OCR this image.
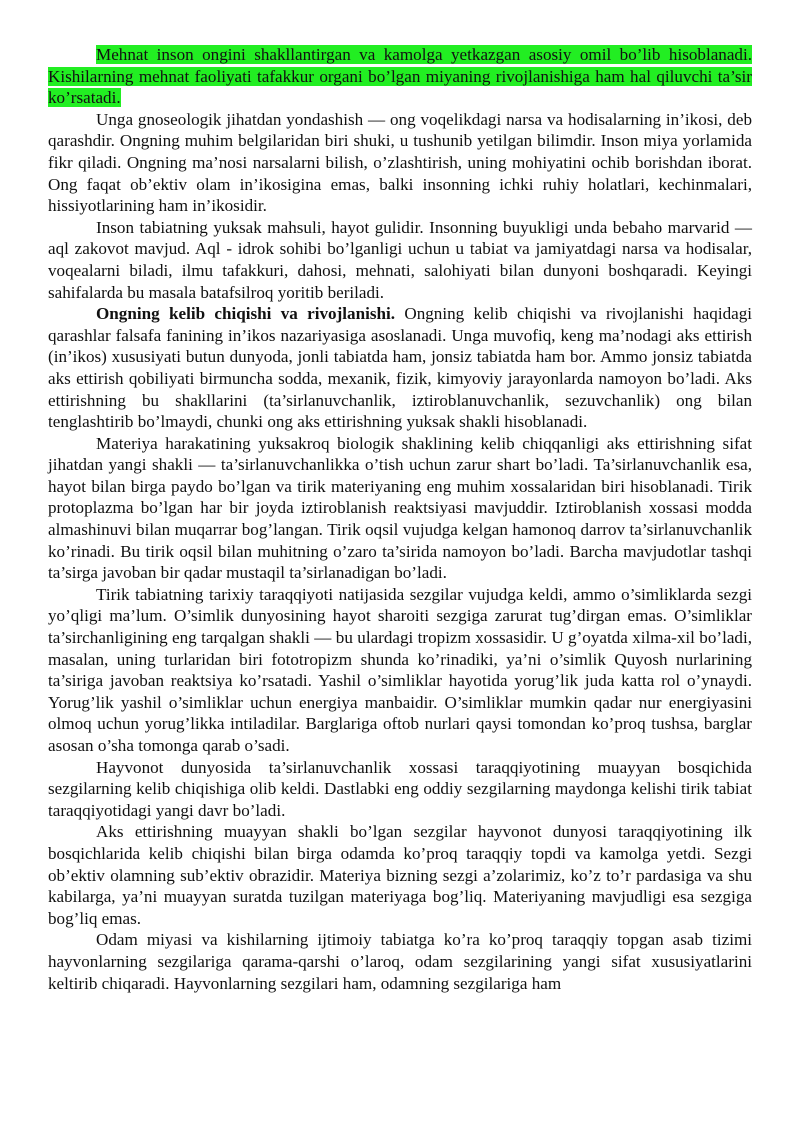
Mehnat inson ongini shakllantirgan va kamolga yetkazgan asosiy omil bo’lib hisoblanadi. Kishilarning mehnat faoliyati tafakkur organi bo’lgan miyaning rivojlanishiga ham hal qiluvchi ta’sir ko’rsatadi.

Unga gnoseologik jihatdan yondashish — ong voqelikdagi narsa va hodisalarning in’ikosi, deb qarashdir. Ongning muhim belgilaridan biri shuki, u tushunib yetilgan bilimdir. Inson miya yorlamida fikr qiladi. Ongning ma’nosi narsalarni bilish, o’zlashtirish, uning mohiyatini ochib borishdan iborat. Ong faqat ob’ektiv olam in’ikosigina emas, balki insonning ichki ruhiy holatlari, kechinmalari, hissiyotlarining ham in’ikosidir.

Inson tabiatning yuksak mahsuli, hayot gulidir. Insonning buyukligi unda bebaho marvarid — aql zakovot mavjud. Aql - idrok sohibi bo’lganligi uchun u tabiat va jamiyatdagi narsa va hodisalar, voqealarni biladi, ilmu tafakkuri, dahosi, mehnati, salohiyati bilan dunyoni boshqaradi. Keyingi sahifalarda bu masala batafsilroq yoritib beriladi.

Ongning kelib chiqishi va rivojlanishi. Ongning kelib chiqishi va rivojlanishi haqidagi qarashlar falsafa fanining in’ikos nazariyasiga asoslanadi. Unga muvofiq, keng ma’nodagi aks ettirish (in’ikos) xususiyati butun dunyoda, jonli tabiatda ham, jonsiz tabiatda ham bor. Ammo jonsiz tabiatda aks ettirish qobiliyati birmuncha sodda, mexanik, fizik, kimyoviy jarayonlarda namoyon bo’ladi. Aks ettirishning bu shakllarini (ta’sirlanuvchanlik, iztiroblanuvchanlik, sezuvchanlik) ong bilan tenglashtirib bo’lmaydi, chunki ong aks ettirishning yuksak shakli hisoblanadi.

Materiya harakatining yuksakroq biologik shaklining kelib chiqqanligi aks ettirishning sifat jihatdan yangi shakli — ta’sirlanuvchanlikka o’tish uchun zarur shart bo’ladi. Ta’sirlanuvchanlik esa, hayot bilan birga paydo bo’lgan va tirik materiyaning eng muhim xossalaridan biri hisoblanadi. Tirik protoplazma bo’lgan har bir joyda iztiroblanish reaktsiyasi mavjuddir. Iztiroblanish xossasi modda almashinuvi bilan muqarrar bog’langan. Tirik oqsil vujudga kelgan hamonoq darrov ta’sirlanuvchanlik ko’rinadi. Bu tirik oqsil bilan muhitning o’zaro ta’sirida namoyon bo’ladi. Barcha mavjudotlar tashqi ta’sirga javoban bir qadar mustaqil ta’sirlanadigan bo’ladi.

Tirik tabiatning tarixiy taraqqiyoti natijasida sezgilar vujudga keldi, ammo o’simliklarda sezgi yo’qligi ma’lum. O’simlik dunyosining hayot sharoiti sezgiga zarurat tug’dirgan emas. O’simliklar ta’sirchanligining eng tarqalgan shakli — bu ulardagi tropizm xossasidir. U g’oyatda xilma-xil bo’ladi, masalan, uning turlaridan biri fototropizm shunda ko’rinadiki, ya’ni o’simlik Quyosh nurlarining ta’siriga javoban reaktsiya ko’rsatadi. Yashil o’simliklar hayotida yorug’lik juda katta rol o’ynaydi. Yorug’lik yashil o’simliklar uchun energiya manbaidir. O’simliklar mumkin qadar nur energiyasini olmoq uchun yorug’likka intiladilar. Barglariga oftob nurlari qaysi tomondan ko’proq tushsa, barglar asosan o’sha tomonga qarab o’sadi.

Hayvonot dunyosida ta’sirlanuvchanlik xossasi taraqqiyotining muayyan bosqichida sezgilarning kelib chiqishiga olib keldi. Dastlabki eng oddiy sezgilarning maydonga kelishi tirik tabiat taraqqiyotidagi yangi davr bo’ladi.

Aks ettirishning muayyan shakli bo’lgan sezgilar hayvonot dunyosi taraqqiyotining ilk bosqichlarida kelib chiqishi bilan birga odamda ko’proq taraqqiy topdi va kamolga yetdi. Sezgi ob’ektiv olamning sub’ektiv obrazidir. Materiya bizning sezgi a’zolarimiz, ko’z to’r pardasiga va shu kabilarga, ya’ni muayyan suratda tuzilgan materiyaga bog’liq. Materiyaning mavjudligi esa sezgiga bog’liq emas.

Odam miyasi va kishilarning ijtimoiy tabiatga ko’ra ko’proq taraqqiy topgan asab tizimi hayvonlarning sezgilariga qarama-qarshi o’laroq, odam sezgilarining yangi sifat xususiyatlarini keltirib chiqaradi. Hayvonlarning sezgilari ham, odamning sezgilariga ham
